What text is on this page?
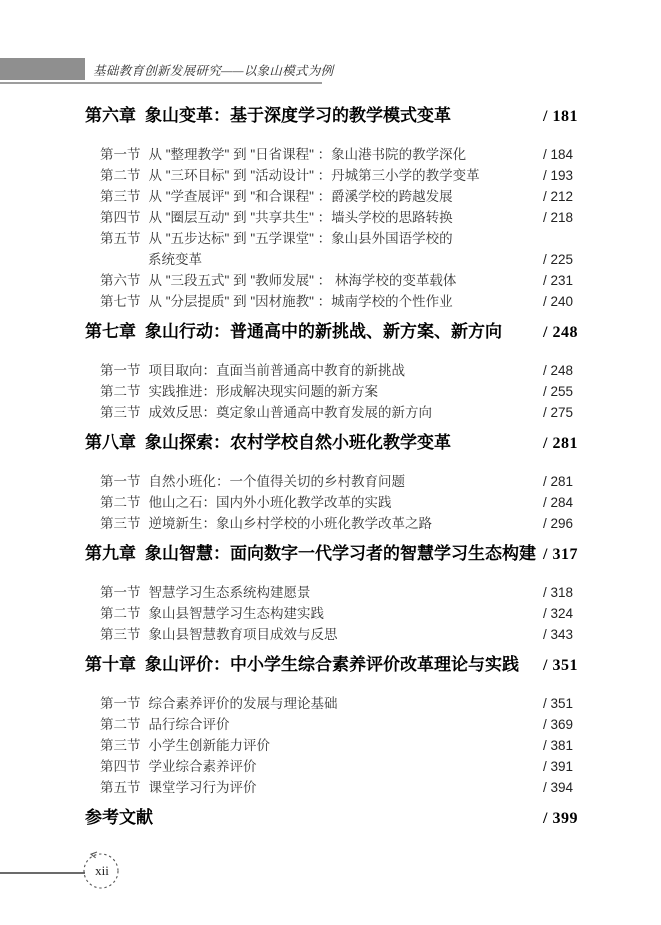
基础教育创新发展研究——以象山模式为例
第六章 象山变革：基于深度学习的教学模式变革	/ 181
第一节 从 "整理教学" 到 "日省课程" ：象山港书院的教学深化	/ 184
第二节 从 "三环目标" 到 "活动设计" ：丹城第三小学的教学变革	/ 193
第三节 从 "学查展评" 到 "和合课程" ：爵溪学校的跨越发展	/ 212
第四节 从 "圈层互动" 到 "共享共生" ：墙头学校的思路转换	/ 218
第五节 从 "五步达标" 到 "五学课堂" ：象山县外国语学校的
系统变革	/ 225
第六节 从 "三段五式" 到 "教师发展" ： 林海学校的变革载体	/ 231
第七节 从 "分层提质" 到 "因材施教" ：城南学校的个性作业	/ 240
第七章 象山行动：普通高中的新挑战、新方案、新方向	/ 248
第一节 项目取向：直面当前普通高中教育的新挑战	/ 248
第二节 实践推进：形成解决现实问题的新方案	/ 255
第三节 成效反思：奠定象山普通高中教育发展的新方向	/ 275
第八章 象山探索：农村学校自然小班化教学变革	/ 281
第一节 自然小班化：一个值得关切的乡村教育问题	/ 281
第二节 他山之石：国内外小班化教学改革的实践	/ 284
第三节 逆境新生：象山乡村学校的小班化教学改革之路	/ 296
第九章 象山智慧：面向数字一代学习者的智慧学习生态构建 / 317
第一节 智慧学习生态系统构建愿景	/ 318
第二节 象山县智慧学习生态构建实践	/ 324
第三节 象山县智慧教育项目成效与反思	/ 343
第十章 象山评价：中小学生综合素养评价改革理论与实践	/ 351
第一节 综合素养评价的发展与理论基础	/ 351
第二节 品行综合评价	/ 369
第三节 小学生创新能力评价	/ 381
第四节 学业综合素养评价	/ 391
第五节 课堂学习行为评价	/ 394
参考文献	/ 399
xii
